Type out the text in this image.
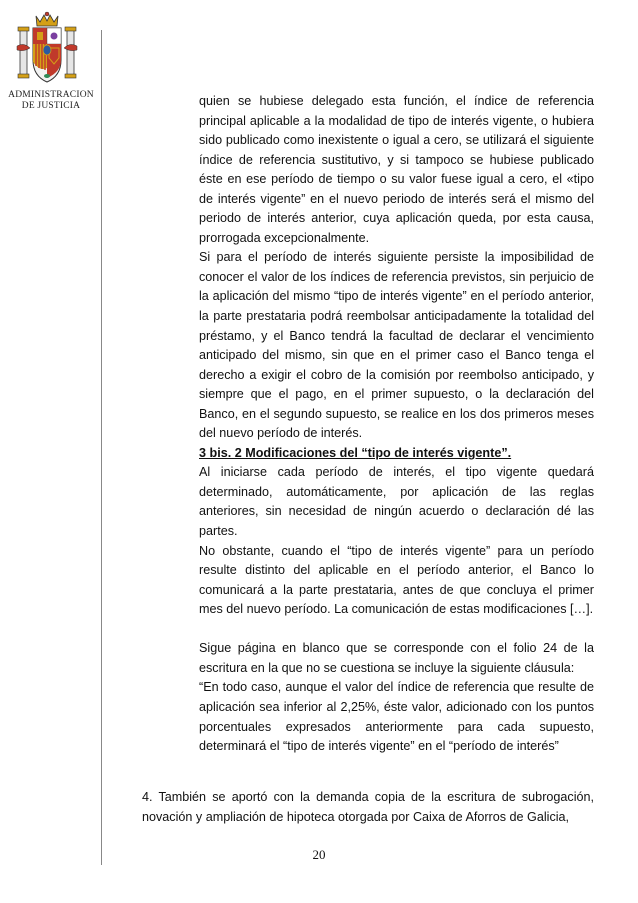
ADMINISTRACION
DE JUSTICIA	quien se hubiese delegado esta función, el índice de referencia principal aplicable a la modalidad de tipo de interés vigente, o hubiera sido publicado como inexistente o igual a cero, se utilizará el siguiente índice de referencia sustitutivo, y si tampoco se hubiese publicado éste en ese período de tiempo o su valor fuese igual a cero, el «tipo de interés vigente” en el nuevo periodo de interés será el mismo del periodo de interés anterior, cuya aplicación queda, por esta causa, prorrogada excepcionalmente.

Si para el período de interés siguiente persiste la imposibilidad de conocer el valor de los índices de referencia previstos, sin perjuicio de la aplicación del mismo “tipo de interés vigente” en el período anterior, la parte prestataria podrá reembolsar anticipadamente la totalidad del préstamo, y el Banco tendrá la facultad de declarar el vencimiento anticipado del mismo, sin que en el primer caso el Banco tenga el derecho a exigir el cobro de la comisión por reembolso anticipado, y siempre que el pago, en el primer supuesto, o la declaración del Banco, en el segundo supuesto, se realice en los dos primeros meses del nuevo período de interés.

3 bis. 2 Modificaciones del “tipo de interés vigente”.

Al iniciarse cada período de interés, el tipo vigente quedará determinado, automáticamente, por aplicación de las reglas anteriores, sin necesidad de ningún acuerdo o declaración dé las partes.

No obstante, cuando el “tipo de interés vigente” para un período resulte distinto del aplicable en el período anterior, el Banco lo comunicará a la parte prestataria, antes de que concluya el primer mes del nuevo período. La comunicación de estas modificaciones […].

Sigue página en blanco que se corresponde con el folio 24 de la escritura en la que no se cuestiona se incluye la siguiente cláusula:

“En todo caso, aunque el valor del índice de referencia que resulte de aplicación sea inferior al 2,25%, éste valor, adicionado con los puntos porcentuales expresados anteriormente para cada supuesto, determinará el “tipo de interés vigente” en el “período de interés”

4. También se aportó con la demanda copia de la escritura de subrogación, novación y ampliación de hipoteca otorgada por Caixa de Aforros de Galicia,

20
